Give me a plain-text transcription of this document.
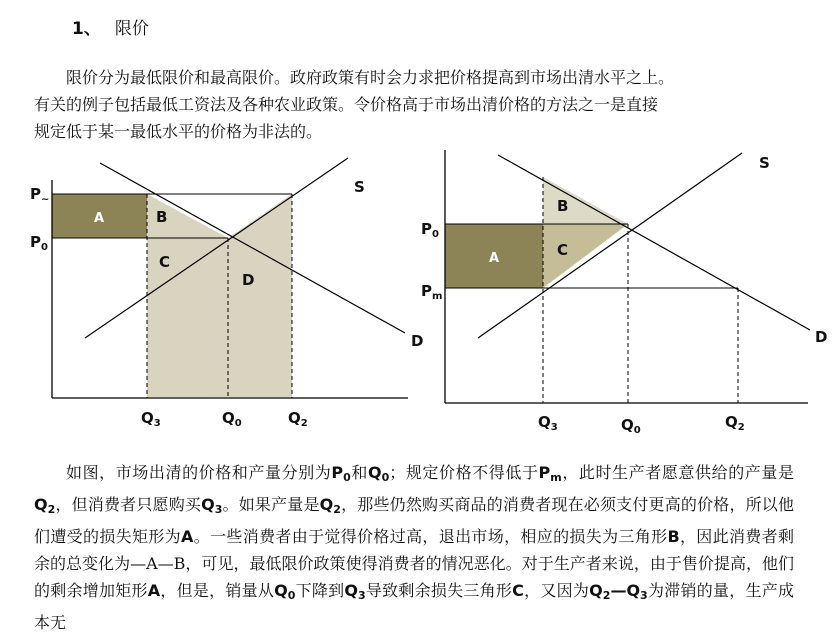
1、 限价

限价分为最低限价和最高限价。政府政策有时会力求把价格提高到市场出清水平之上。

有关的例子包括最低工资法及各种农业政策。令价格高于市场出清价格的方法之一是直接

规定低于某一最低水平的价格为非法的。

$P_\sim$
$P_0$
A	B
C
D
S
D
$Q_3$	$Q_0$	$Q_2$
$P_0$
$P_m$
A
B
C
S
D
$Q_3$	$Q_0$	$Q_2$

如图，市场出清的价格和产量分别为$P_0$和$Q_0$；规定价格不得低于$P_m$，此时生产者愿意供给的产量是$Q_2$，但消费者只愿购买$Q_3$。如果产量是$Q_2$，那些仍然购买商品的消费者现在必须支付更高的价格，所以他们遭受的损失矩形为A。一些消费者由于觉得价格过高，退出市场，相应的损失为三角形B，因此消费者剩余的总变化为—A—B，可见，最低限价政策使得消费者的情况恶化。对于生产者来说，由于售价提高，他们的剩余增加矩形A，但是，销量从$Q_0$下降到$Q_3$导致剩余损失三角形C，又因为$Q_2—Q_3$为滞销的量，生产成本无
